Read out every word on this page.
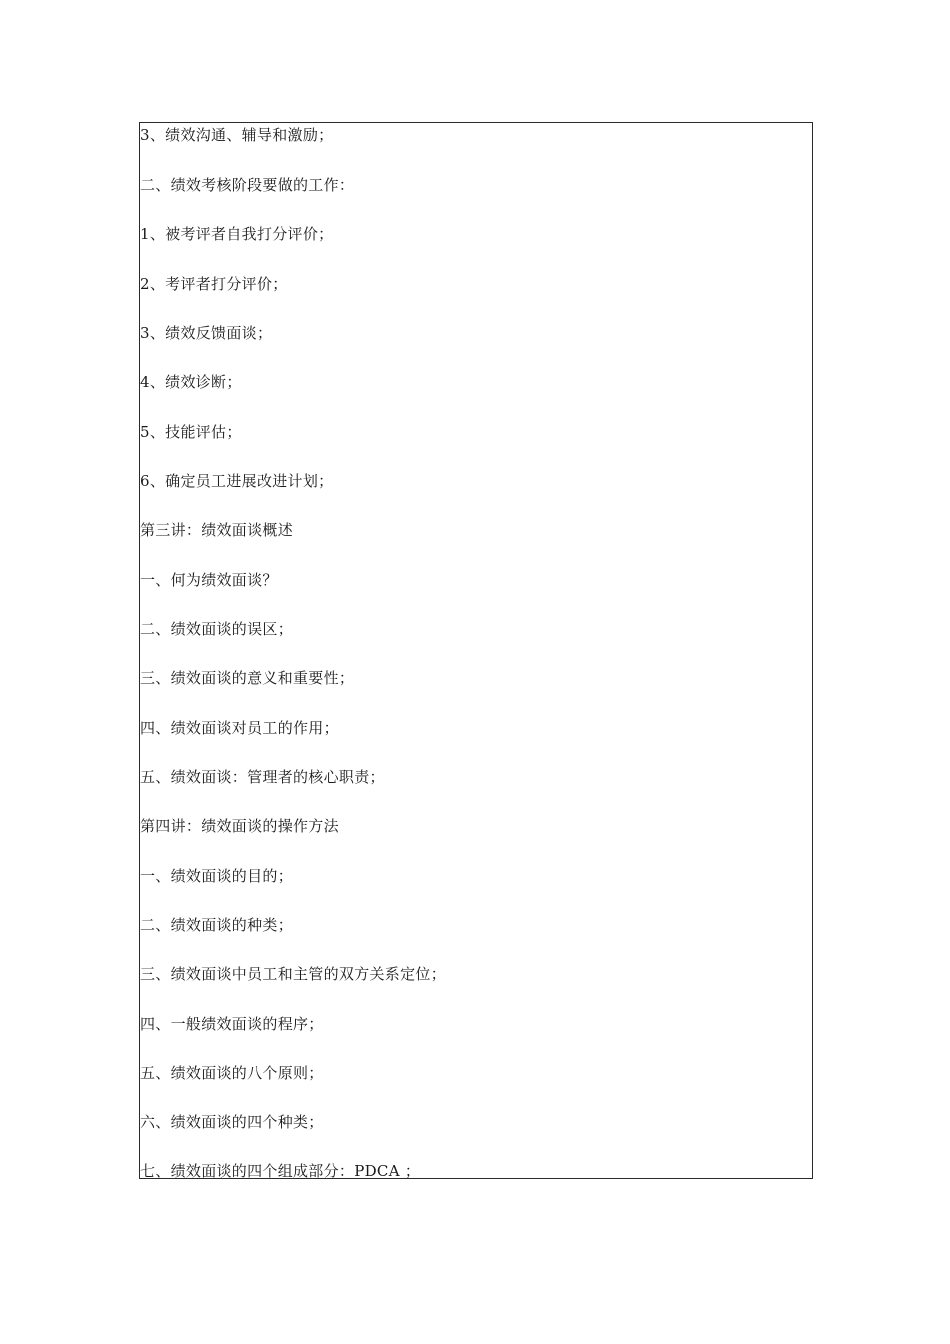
3、绩效沟通、辅导和激励；
二、绩效考核阶段要做的工作：
1、被考评者自我打分评价；
2、考评者打分评价；
3、绩效反馈面谈；
4、绩效诊断；
5、技能评估；
6、确定员工进展改进计划；
第三讲：绩效面谈概述
一、何为绩效面谈？
二、绩效面谈的误区；
三、绩效面谈的意义和重要性；
四、绩效面谈对员工的作用；
五、绩效面谈：管理者的核心职责；
第四讲：绩效面谈的操作方法
一、绩效面谈的目的；
二、绩效面谈的种类；
三、绩效面谈中员工和主管的双方关系定位；
四、一般绩效面谈的程序；
五、绩效面谈的八个原则；
六、绩效面谈的四个种类；
七、绩效面谈的四个组成部分：PDCA ；
